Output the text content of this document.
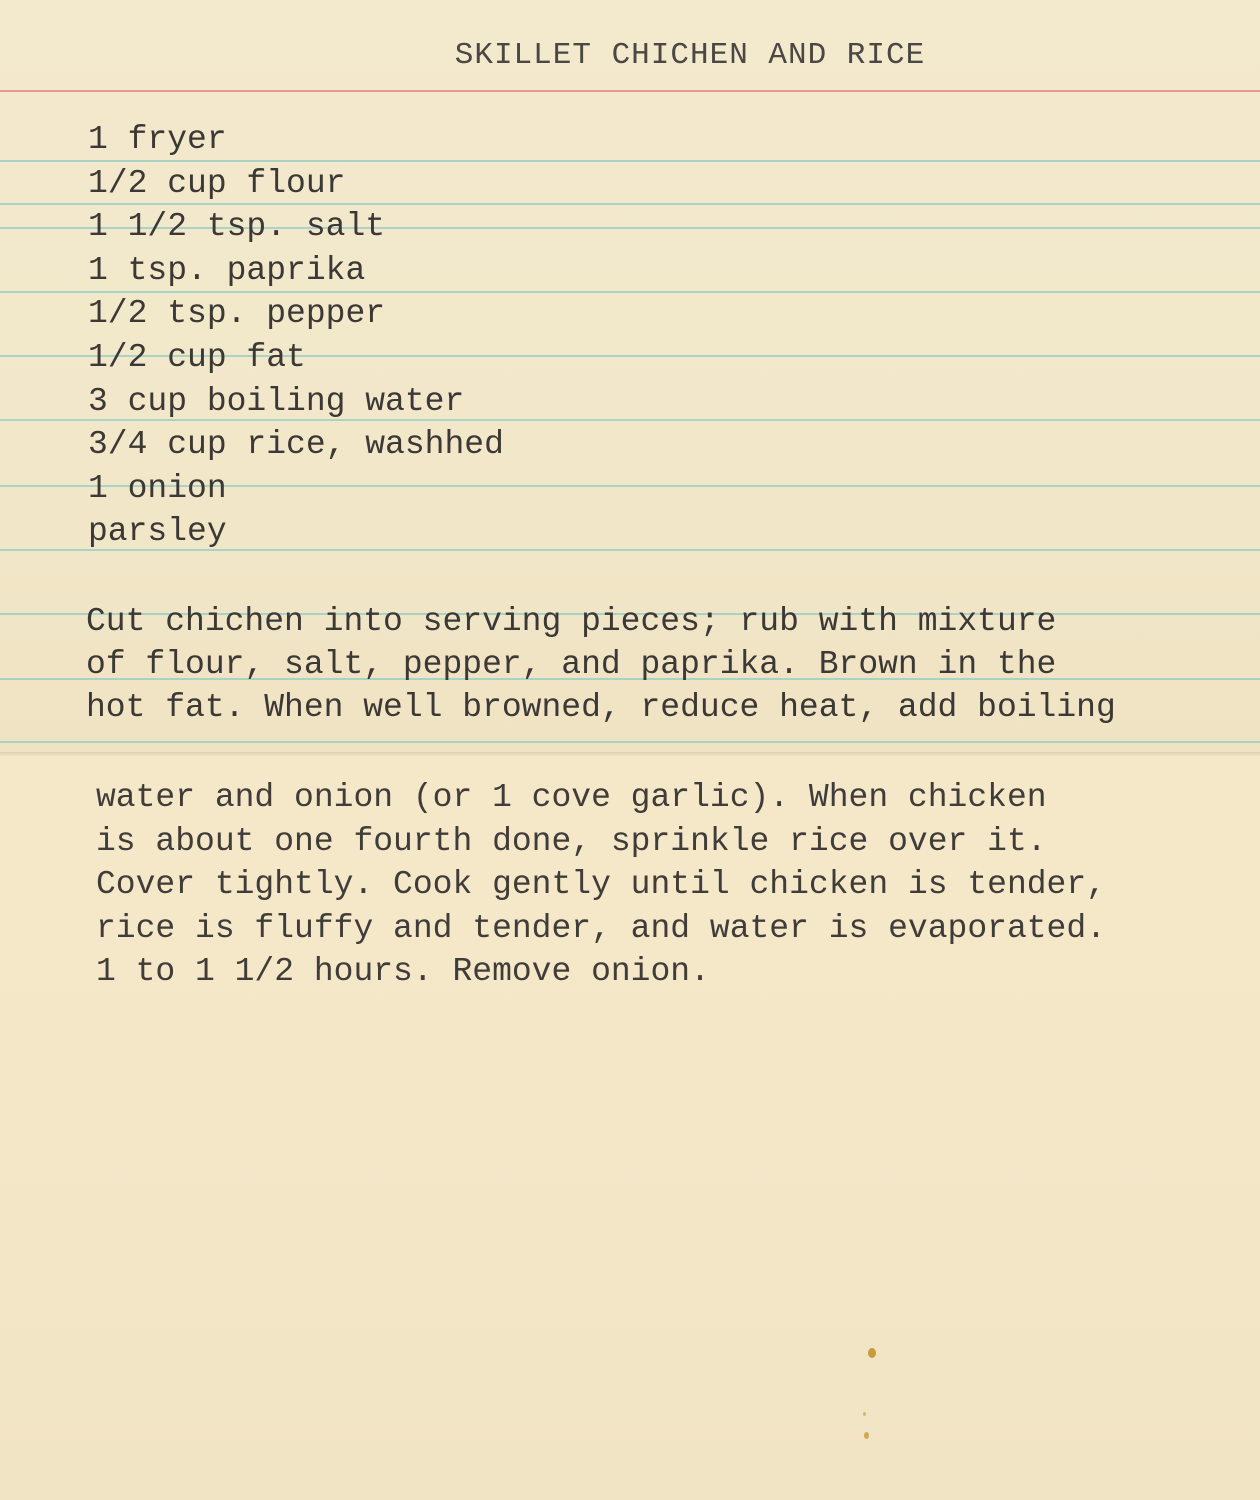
SKILLET CHICHEN AND RICE
1 fryer
1/2 cup flour
1 1/2 tsp. salt
1 tsp. paprika
1/2 tsp. pepper
1/2 cup fat
3 cup boiling water
3/4 cup rice, washhed
1 onion
parsley
Cut chichen into serving pieces; rub with mixture
of flour, salt, pepper, and paprika. Brown in the
hot fat. When well browned, reduce heat, add boiling
water and onion (or 1 cove garlic). When chicken
is about one fourth done, sprinkle rice over it.
Cover tightly. Cook gently until chicken is tender,
rice is fluffy and tender, and water is evaporated.
1 to 1 1/2 hours. Remove onion.
